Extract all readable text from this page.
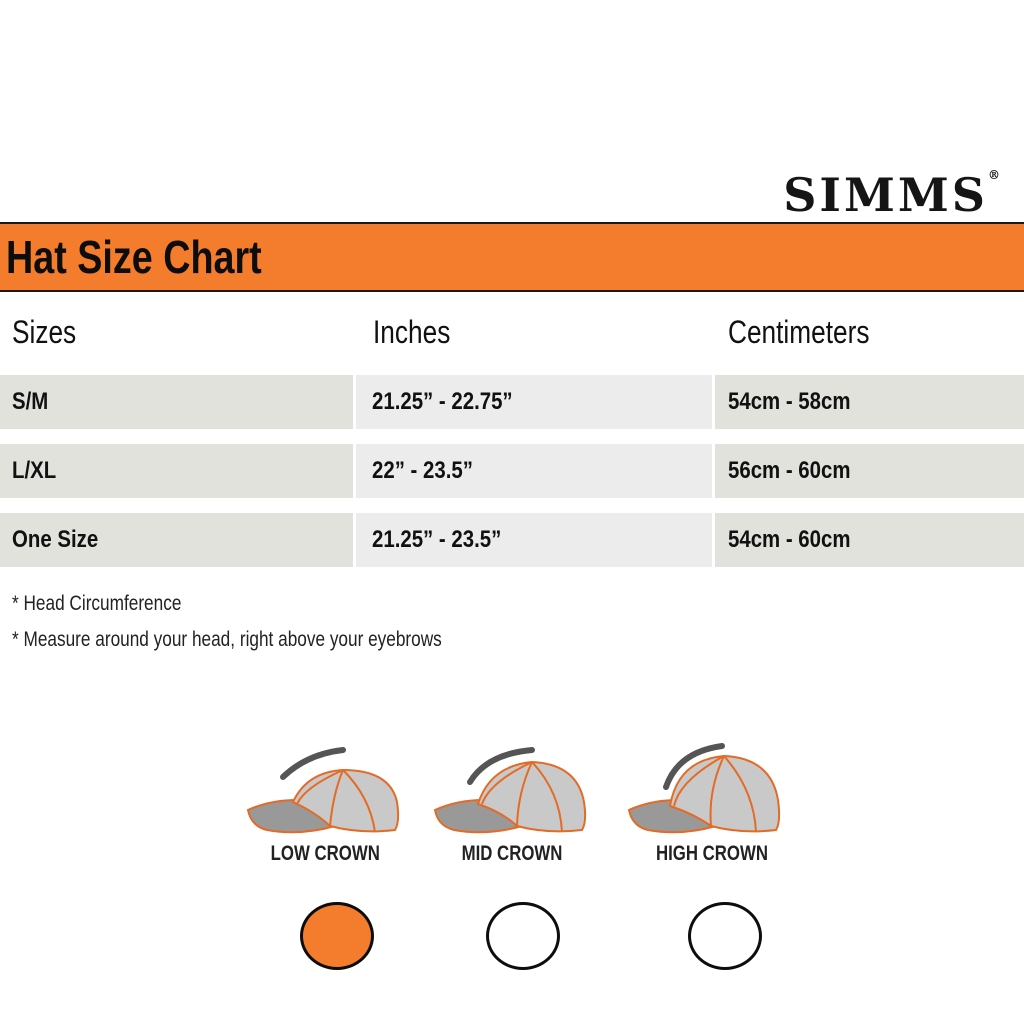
SIMMS®
Hat Size Chart
Sizes	Inches	Centimeters
S/M	21.25” - 22.75”	54cm - 58cm
L/XL	22” - 23.5”	56cm - 60cm
One Size	21.25” - 23.5”	54cm - 60cm
* Head Circumference
* Measure around your head, right above your eyebrows
LOW CROWN	MID CROWN	HIGH CROWN
